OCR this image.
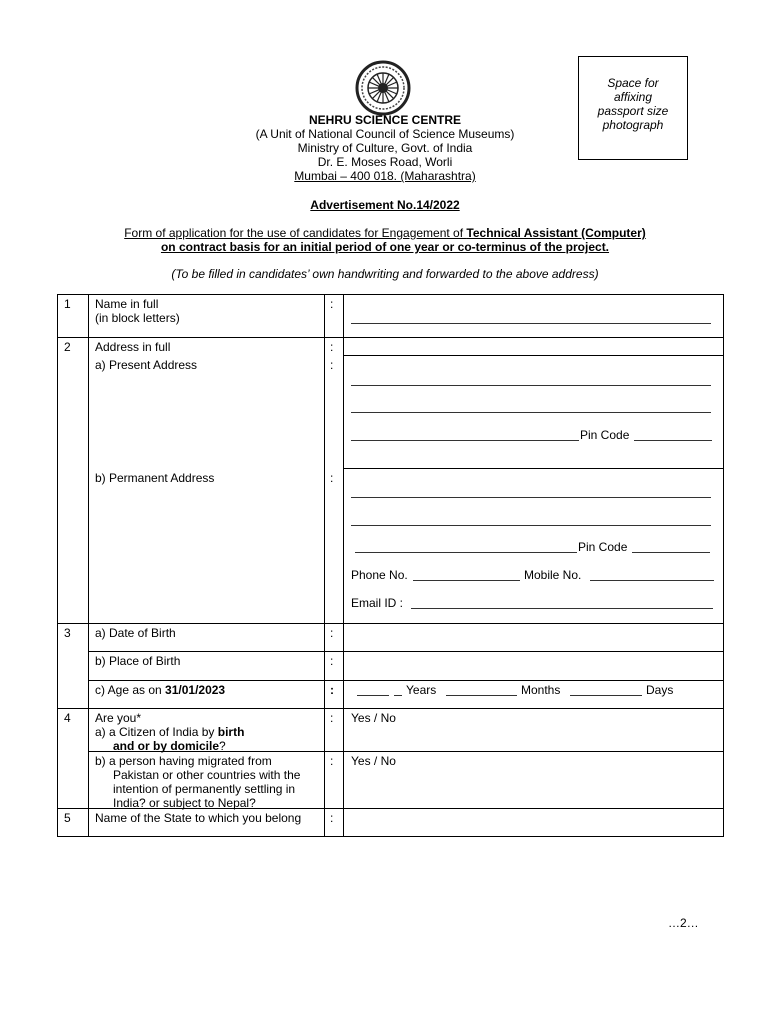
NEHRU SCIENCE CENTRE
(A Unit of National Council of Science Museums)
Ministry of Culture, Govt. of India
Dr. E. Moses Road, Worli
Mumbai – 400 018. (Maharashtra)
Space for
affixing
passport size
photograph
Advertisement No.14/2022
Form of application for the use of candidates for Engagement of Technical Assistant (Computer)
on contract basis for an initial period of one year or co-terminus of the project.
(To be filled in candidates’ own handwriting and forwarded to the above address)
1 Name in full
(in block letters)
:
2 Address in full	:
a) Present Address	:
Pin Code
b) Permanent Address	:
Pin Code
Phone No.	Mobile No.
Email ID :
3 a) Date of Birth	:
b) Place of Birth	:
c) Age as on 31/01/2023	:	Years	Months	Days
4 Are you*
a) a Citizen of India by birth
and or by domicile?
: Yes / No
b) a person having migrated from
Pakistan or other countries with the
intention of permanently settling in
India? or subject to Nepal?
: Yes / No
5 Name of the State to which you belong :
…2…
